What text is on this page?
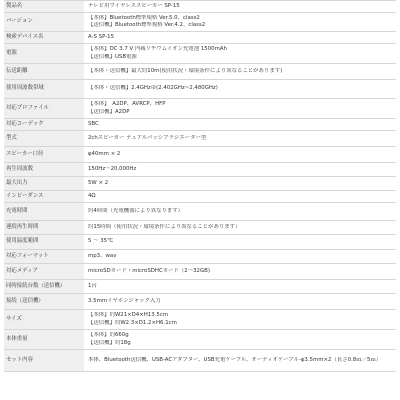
製品名	テレビ用ワイヤレススピーカー SP-15

バージョン	【本体】Bluetooth標準規格 Ver.5.0、class2
【送信機】Bluetooth標準規格 Ver.4.2、class2

検索デバイス名	A-S SP-15

電源	【本体】DC 3.7 V 内蔵リチウムイオン充電池 1500mAh
【送信機】USB電源

伝送距離	【本体・送信機】最大約10m(使用状況・環境条件により異なることがあります)

使用周波数帯域	【本体・送信機】2.4GHz帯(2.402GHz~2.480GHz)

対応プロファイル	【本体】　A2DP、AVRCP、HFP
【送信機】A2DP

対応コーデック	SBC

型式	2chスピーカー デュアルパッシブラジエーター型

スピーカー口径	φ40mm × 2

再生周波数	150Hz～20,000Hz

最大出力	5W × 2

インピーダンス	4Ω

充電時間	約4時間（充電機器により異なります）

連続再生時間	約15時間（使用状況・環境条件により異なることがあります）

使用温度範囲	5 ～ 35℃

対応フォーマット	mp3、wav

対応メディア	microSDカード・microSDHCカード（2～32GB)

同時接続台数（送信機）	1台

接続（送信機）	3.5mmイヤホンジャック入力

サイズ	【本体】約W21×D4×H13.5cm
【送信機】約W2.3×D1.2×H6.1cm

本体重量	【本体】約660g
【送信機】約18g

セット内容	本体、Bluetooth送信機、USB-ACアダプター、USB充電ケーブル、オーディオケーブル-φ3.5mm×2（長さ0.8ｍ／5ｍ）
